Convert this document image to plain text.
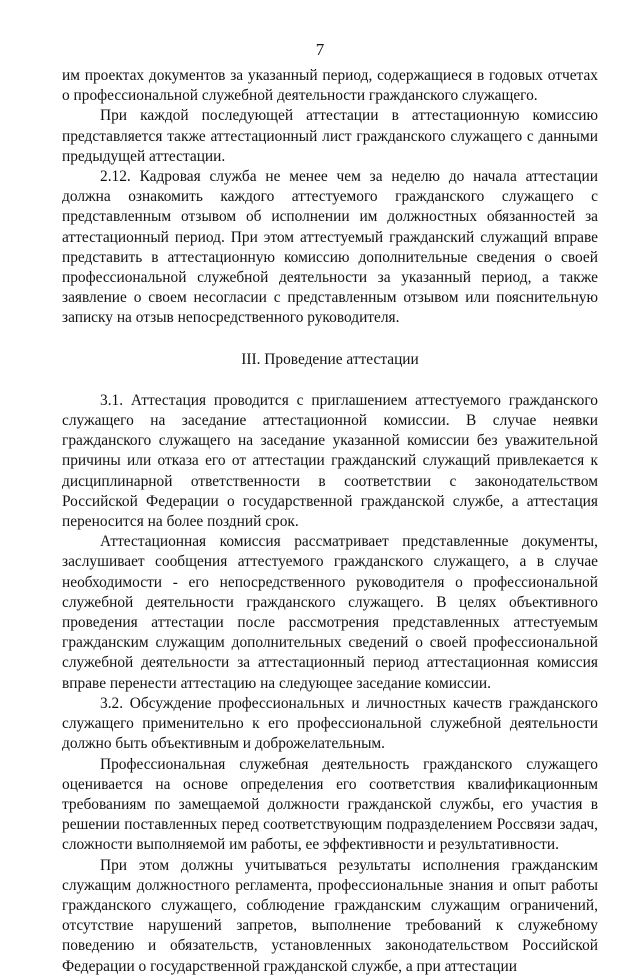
7

им проектах документов за указанный период, содержащиеся в годовых отчетах о профессиональной служебной деятельности гражданского служащего.

При каждой последующей аттестации в аттестационную комиссию представляется также аттестационный лист гражданского служащего с данными предыдущей аттестации.

2.12. Кадровая служба не менее чем за неделю до начала аттестации должна ознакомить каждого аттестуемого гражданского служащего с представленным отзывом об исполнении им должностных обязанностей за аттестационный период. При этом аттестуемый гражданский служащий вправе представить в аттестационную комиссию дополнительные сведения о своей профессиональной служебной деятельности за указанный период, а также заявление о своем несогласии с представленным отзывом или пояснительную записку на отзыв непосредственного руководителя.

III. Проведение аттестации

3.1. Аттестация проводится с приглашением аттестуемого гражданского служащего на заседание аттестационной комиссии. В случае неявки гражданского служащего на заседание указанной комиссии без уважительной причины или отказа его от аттестации гражданский служащий привлекается к дисциплинарной ответственности в соответствии с законодательством Российской Федерации о государственной гражданской службе, а аттестация переносится на более поздний срок.

Аттестационная комиссия рассматривает представленные документы, заслушивает сообщения аттестуемого гражданского служащего, а в случае необходимости - его непосредственного руководителя о профессиональной служебной деятельности гражданского служащего. В целях объективного проведения аттестации после рассмотрения представленных аттестуемым гражданским служащим дополнительных сведений о своей профессиональной служебной деятельности за аттестационный период аттестационная комиссия вправе перенести аттестацию на следующее заседание комиссии.

3.2. Обсуждение профессиональных и личностных качеств гражданского служащего применительно к его профессиональной служебной деятельности должно быть объективным и доброжелательным.

Профессиональная служебная деятельность гражданского служащего оценивается на основе определения его соответствия квалификационным требованиям по замещаемой должности гражданской службы, его участия в решении поставленных перед соответствующим подразделением Россвязи задач, сложности выполняемой им работы, ее эффективности и результативности.

При этом должны учитываться результаты исполнения гражданским служащим должностного регламента, профессиональные знания и опыт работы гражданского служащего, соблюдение гражданским служащим ограничений, отсутствие нарушений запретов, выполнение требований к служебному поведению и обязательств, установленных законодательством Российской Федерации о государственной гражданской службе, а при аттестации
